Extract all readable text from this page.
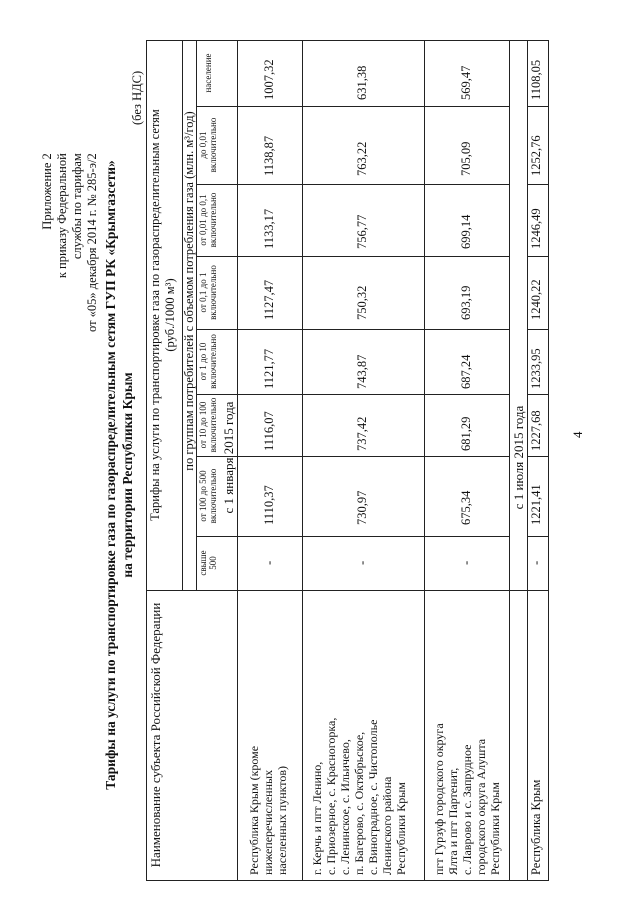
Приложение 2 к приказу Федеральной службы по тарифам от «05» декабря 2014 г. № 285-э/2 Тарифы на услуги по транспортировке газа по газораспределительным сетям ГУП РК «Крымгазсети» на территории Республики Крым
(без НДС)
Наименование субъекта Российской Федерации
Тарифы на услуги по транспортировке газа по газораспределительным сетям (руб./1000 м³) по группам потребителей с объемом потребления газа (млн. м³/год)
свыше 500
от 100 до 500 включительно
от 10 до 100 включительно
от 1 до 10 включительно
от 0,1 до 1 включительно
от 0,01 до 0,1 включительно
до 0,01 включительно
население
с 1 января 2015 года	с 1 июля 2015 года
Республика Крым (кроме нижеперечисленных населенных пунктов)
-
1110,37
1116,07
1121,77
1127,47
1133,17
1138,87
1007,32
г. Керчь и пгт Ленино, с. Приозерное, с. Красногорка, с. Ленинское, с. Ильичево, п. Багерово, с. Октябрьское, с. Виноградное, с. Чистополье Ленинского района Республики Крым
-
730,97
737,42
743,87
750,32
756,77
763,22
631,38
пгт Гурзуф городского округа Ялта и пгт Партенит, с. Лаврово и с. Запрудное городского округа Алушта Республики Крым
-
675,34
681,29
687,24
693,19
699,14
705,09
569,47
Республика Крым
-
1221,41
1227,68
1233,95
1240,22
1246,49
1252,76
1108,05
4
